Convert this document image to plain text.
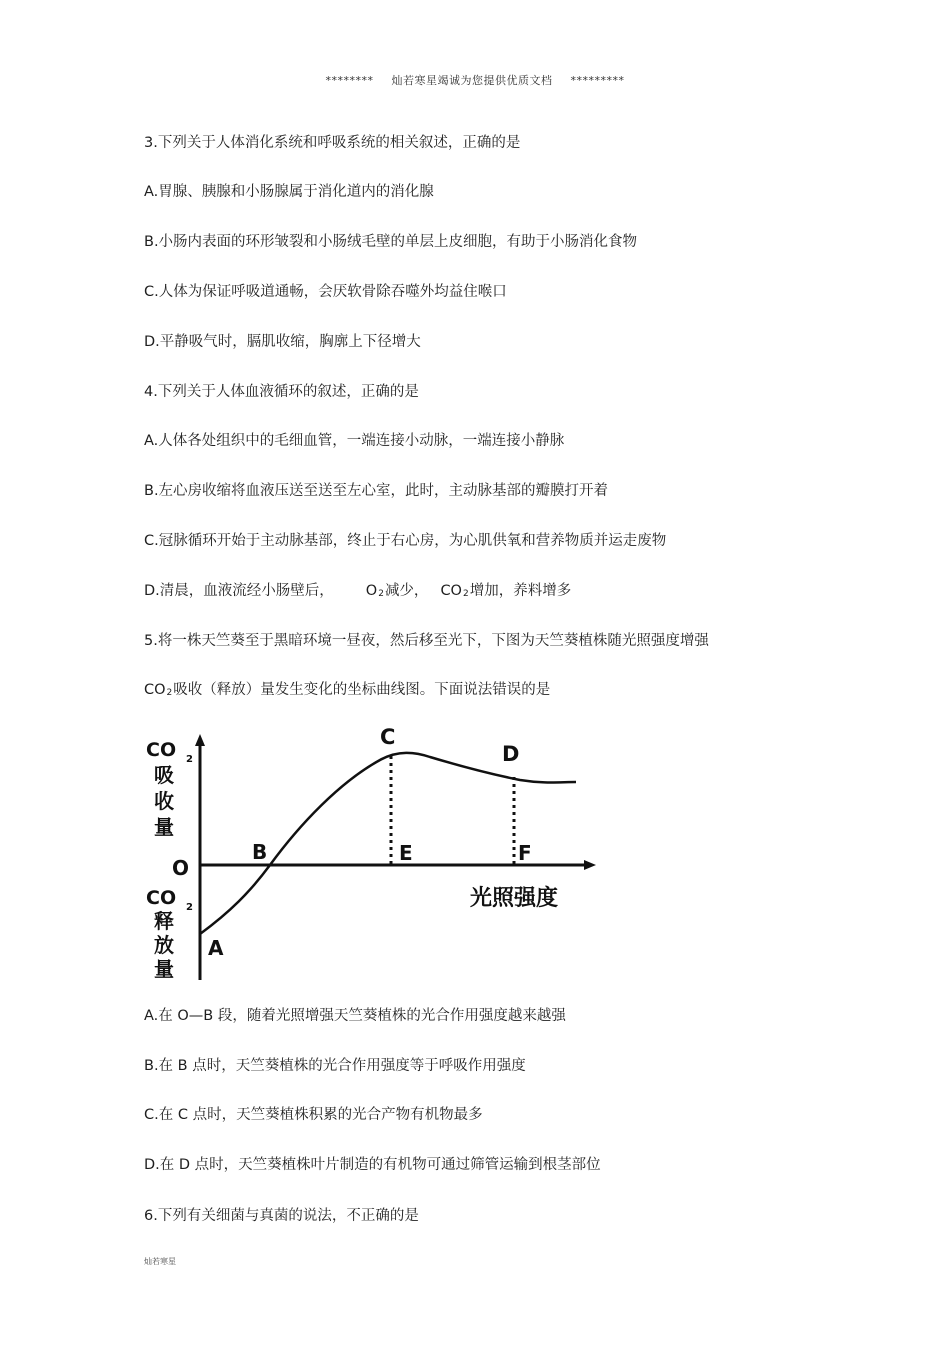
******** 灿若寒星竭诚为您提供优质文档 *********
3.下列关于人体消化系统和呼吸系统的相关叙述，正确的是
A.胃腺、胰腺和小肠腺属于消化道内的消化腺
B.小肠内表面的环形皱裂和小肠绒毛壁的单层上皮细胞，有助于小肠消化食物
C.人体为保证呼吸道通畅，会厌软骨除吞噬外均益住喉口
D.平静吸气时，膈肌收缩，胸廓上下径增大
4.下列关于人体血液循环的叙述，正确的是
A.人体各处组织中的毛细血管，一端连接小动脉，一端连接小静脉
B.左心房收缩将血液压送至送至左心室，此时，主动脉基部的瓣膜打开着
C.冠脉循环开始于主动脉基部，终止于右心房，为心肌供氧和营养物质并运走废物
D.清晨，血液流经小肠壁后， $O_2$减少， $CO_2$增加，养料增多
5.将一株天竺葵至于黑暗环境一昼夜，然后移至光下，下图为天竺葵植株随光照强度增强
$CO_2$吸收（释放）量发生变化的坐标曲线图。下面说法错误的是
CO 2
吸
收
量
O
CO 2
释
放
量
光照强度
A
B
C
D
E	F
A.在 O—B 段，随着光照增强天竺葵植株的光合作用强度越来越强
B.在 B 点时，天竺葵植株的光合作用强度等于呼吸作用强度
C.在 C 点时，天竺葵植株积累的光合产物有机物最多
D.在 D 点时，天竺葵植株叶片制造的有机物可通过筛管运输到根茎部位
6.下列有关细菌与真菌的说法，不正确的是
灿若寒星
